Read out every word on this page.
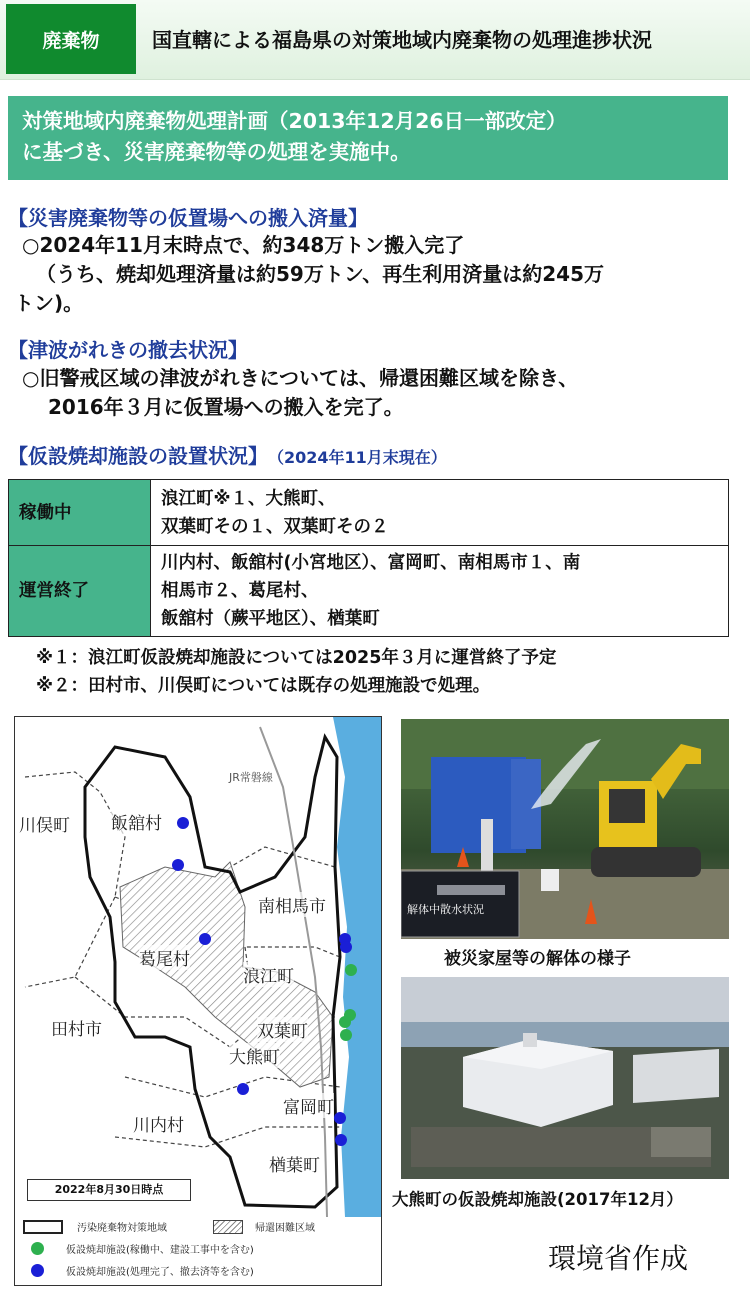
廃棄物	国直轄による福島県の対策地域内廃棄物の処理進捗状況
対策地域内廃棄物処理計画（2013年12月26日一部改定）
に基づき、災害廃棄物等の処理を実施中。
【災害廃棄物等の仮置場への搬入済量】
○2024年11月末時点で、約348万トン搬入完了
（うち、焼却処理済量は約59万トン、再生利用済量は約245万
トン)。
【津波がれきの撤去状況】
○旧警戒区域の津波がれきについては、帰還困難区域を除き、
2016年３月に仮置場への搬入を完了。
【仮設焼却施設の設置状況】 （2024年11月末現在）
稼働中	浪江町※１、大熊町、
双葉町その１、双葉町その２

運営終了	川内村、飯舘村(小宮地区）、富岡町、南相馬市１、南
相馬市２、葛尾村、
飯舘村（蕨平地区）、楢葉町
※１：浪江町仮設焼却施設については2025年３月に運営終了予定
※２：田村市、川俣町については既存の処理施設で処理。
JR常磐線
川俣町 飯舘村
南相馬市
葛尾村
浪江町
田村市	双葉町
大熊町
川内村
富岡町
楢葉町
2022年8月30日時点
汚染廃棄物対策地域	帰還困難区域
仮設焼却施設(稼働中、建設工事中を含む)
仮設焼却施設(処理完了、撤去済等を含む)
解体中散水状況
被災家屋等の解体の様子
大熊町の仮設焼却施設(2017年12月）
環境省作成
